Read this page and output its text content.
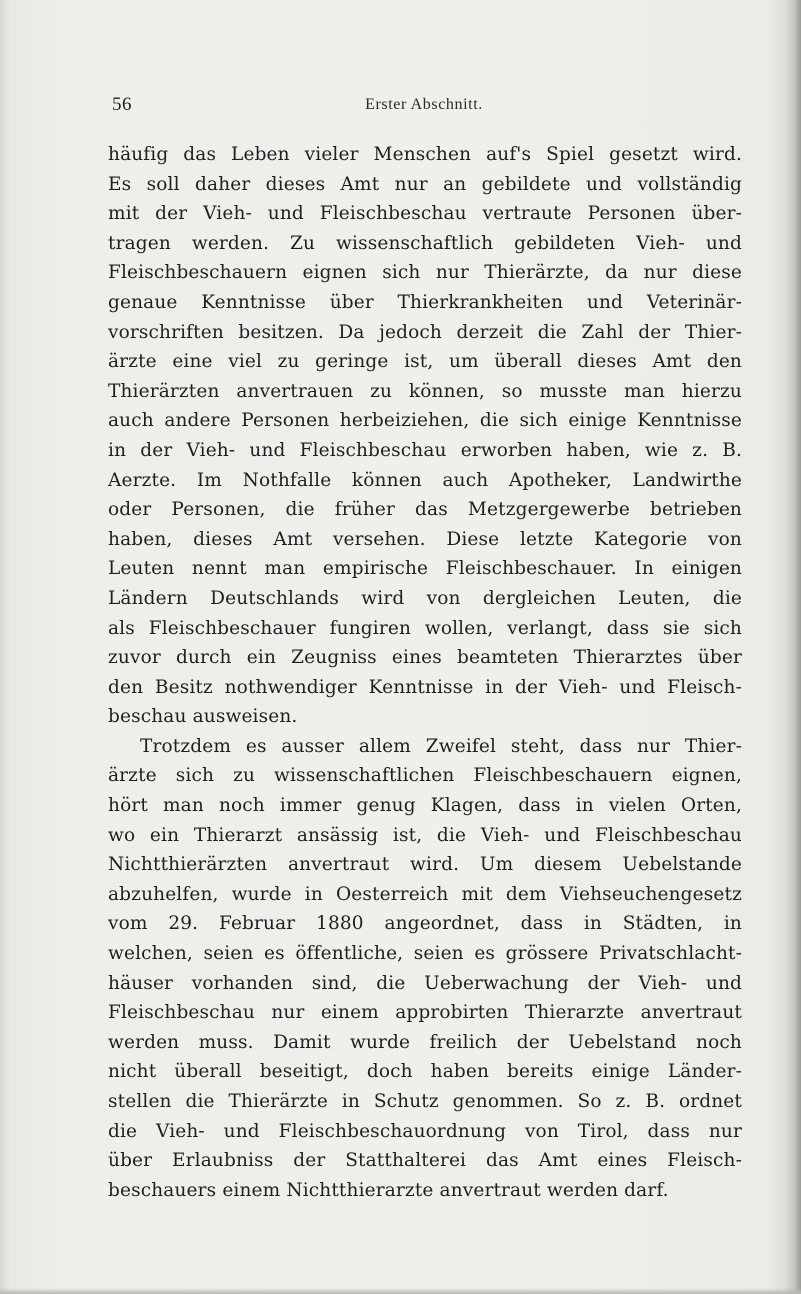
56	Erster Abschnitt.
häufig das Leben vieler Menschen auf's Spiel gesetzt wird.
Es soll daher dieses Amt nur an gebildete und vollständig
mit der Vieh- und Fleischbeschau vertraute Personen über-
tragen werden. Zu wissenschaftlich gebildeten Vieh- und
Fleischbeschauern eignen sich nur Thierärzte, da nur diese
genaue Kenntnisse über Thierkrankheiten und Veterinär-
vorschriften besitzen. Da jedoch derzeit die Zahl der Thier-
ärzte eine viel zu geringe ist, um überall dieses Amt den
Thierärzten anvertrauen zu können, so musste man hierzu
auch andere Personen herbeiziehen, die sich einige Kenntnisse
in der Vieh- und Fleischbeschau erworben haben, wie z. B.
Aerzte. Im Nothfalle können auch Apotheker, Landwirthe
oder Personen, die früher das Metzgergewerbe betrieben
haben, dieses Amt versehen. Diese letzte Kategorie von
Leuten nennt man empirische Fleischbeschauer. In einigen
Ländern Deutschlands wird von dergleichen Leuten, die
als Fleischbeschauer fungiren wollen, verlangt, dass sie sich
zuvor durch ein Zeugniss eines beamteten Thierarztes über
den Besitz nothwendiger Kenntnisse in der Vieh- und Fleisch-
beschau ausweisen.
Trotzdem es ausser allem Zweifel steht, dass nur Thier-
ärzte sich zu wissenschaftlichen Fleischbeschauern eignen,
hört man noch immer genug Klagen, dass in vielen Orten,
wo ein Thierarzt ansässig ist, die Vieh- und Fleischbeschau
Nichtthierärzten anvertraut wird. Um diesem Uebelstande
abzuhelfen, wurde in Oesterreich mit dem Viehseuchengesetz
vom 29. Februar 1880 angeordnet, dass in Städten, in
welchen, seien es öffentliche, seien es grössere Privatschlacht-
häuser vorhanden sind, die Ueberwachung der Vieh- und
Fleischbeschau nur einem approbirten Thierarzte anvertraut
werden muss. Damit wurde freilich der Uebelstand noch
nicht überall beseitigt, doch haben bereits einige Länder-
stellen die Thierärzte in Schutz genommen. So z. B. ordnet
die Vieh- und Fleischbeschauordnung von Tirol, dass nur
über Erlaubniss der Statthalterei das Amt eines Fleisch-
beschauers einem Nichtthierarzte anvertraut werden darf.
